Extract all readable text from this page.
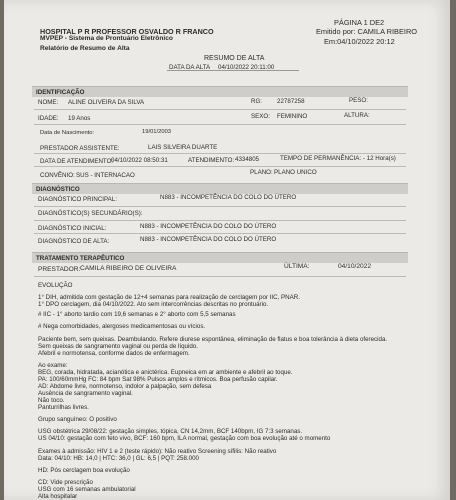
HOSPITAL P R PROFESSOR OSVALDO R FRANCO
MVPEP - Sistema de Prontuário Eletrônico
Relatório de Resumo de Alta
PÁGINA 1 DE2
Emitido por: CAMILA RIBEIRO
Em:04/10/2022 20:12
RESUMO DE ALTA
DATA DA ALTA 04/10/2022 20:11:00
IDENTIFICAÇÃO
NOME: ALINE OLIVEIRA DA SILVA	RG: 22787258	PESO:
IDADE: 19 Anos	SEXO: FEMININO	ALTURA:
Data de Nascimento:	19/01/2003
PRESTADOR ASSISTENTE:	LAIS SILVEIRA DUARTE
DATA DE ATENDIMENTO:
04/10/2022 08:50:31	ATENDIMENTO: 4334805	TEMPO DE PERMANÊNCIA: - 12 Hora(s)
CONVÊNIO: SUS - INTERNACAO	PLANO: PLANO UNICO
DIAGNÓSTICO
DIAGNÓSTICO PRINCIPAL:	N883 - INCOMPETÊNCIA DO COLO DO ÚTERO
DIAGNÓSTICO(S) SECUNDÁRIO(S):
DIAGNÓSTICO INICIAL:	N883 - INCOMPETÊNCIA DO COLO DO ÚTERO
DIAGNÓSTICO DE ALTA:	N883 - INCOMPETÊNCIA DO COLO DO ÚTERO
TRATAMENTO TERAPÊUTICO
PRESTADOR: CAMILA RIBEIRO DE OLIVEIRA	ÚLTIMA:	04/10/2022
EVOLUÇÃO
1° DIH, admitida com gestação de 12+4 semanas para realização de cerclagem por IIC, PNAR.
1° DPO cerclagem, dia 04/10/2022. Ato sem intercorrências descritas no prontuário.
# IIC - 1° aborto tardio com 19,6 semanas e 2° aborto com 5,5 semanas
# Nega comorbidades, alergoses medicamentosas ou vícios.
Paciente bem, sem queixas. Deambulando. Refere diurese espontânea, eliminação de flatus e boa tolerância à dieta oferecida.
Sem queixas de sangramento vaginal ou perda de líquido.
Afebril e normotensa, conforme dados de enfermagem.
Ao exame:
BEG, corada, hidratada, acianótica e anictérica. Eupneica em ar ambiente e afebril ao toque.
PA: 100/60mmHg FC: 84 bpm Sat 98% Pulsos amplos e rítmicos. Boa perfusão capilar.
AD: Abdome livre, normotenso, indolor a palpação, sem defesa
Ausência de sangramento vaginal.
Não toco.
Panturrilhas livres.
Grupo sanguíneo: O positivo
USG obstétrica 29/08/22: gestação simples, tópica, CN 14,2mm, BCF 140bpm, IG 7:3 semanas.
US 04/10: gestação com feto vivo, BCF: 160 bpm, ILA normal, gestação com boa evolução até o momento
Exames à admissão: HIV 1 e 2 (teste rápido): Não reativo Screening sífilis: Não reativo
Data: 04/10: HB: 14,0 | HTC: 36,0 | GL: 6,5 | PQT: 258.000
HD: Pós cerclagem boa evolução
CD: Vide prescrição
USG com 16 semanas ambulatorial
Alta hospitalar
